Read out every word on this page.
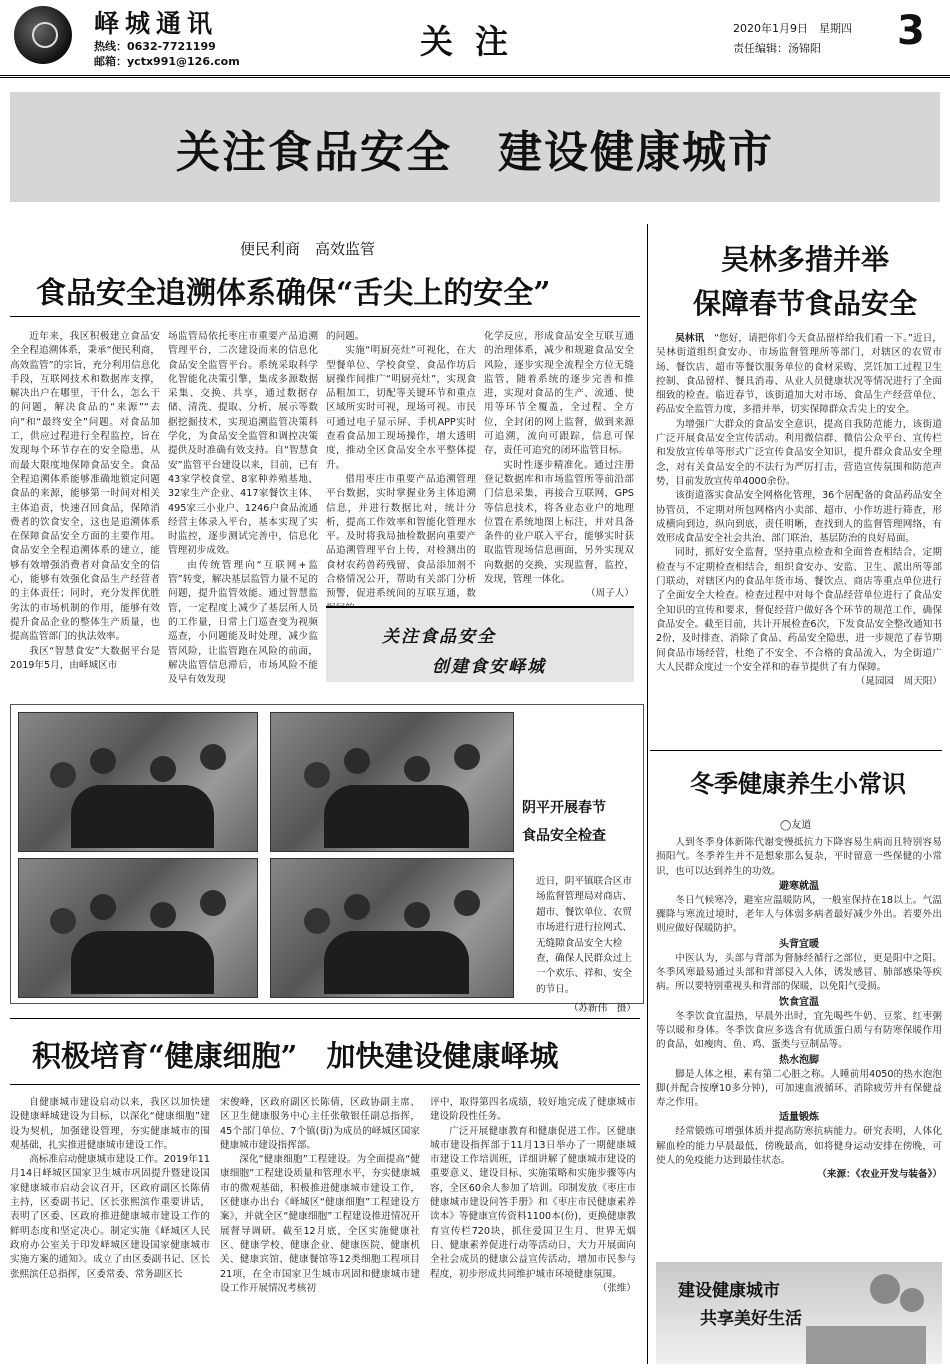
峄城通讯
热线：0632-7721199
邮箱：yctx991@126.com
关注	2020年1月9日　星期四
责任编辑：汤锦阳 3
关注食品安全　建设健康城市
便民利商　高效监管
食品安全追溯体系确保“舌尖上的安全”

近年来，我区积极建立食品安全全程追溯体系，秉承“便民利商，高效监管”的宗旨，充分利用信息化手段，互联网技术和数据库支撑，解决出户在哪里，干什么，怎么干的问题，解决食品的“来源”“去向”和“最终安全”问题。对食品加工，供应过程进行全程监控，旨在发现每个环节存在的安全隐患，从而最大限度地保障食品安全。食品全程追溯体系能够准确地锁定问题食品的来源，能够第一时间对相关主体追责，快速召回食品，保障消费者的饮食安全，这也是追溯体系在保障食品安全方面的主要作用。食品安全全程追溯体系的建立，能够有效增强消费者对食品安全的信心，能够有效强化食品生产经营者的主体责任；同时，充分发挥优胜劣汰的市场机制的作用，能够有效提升食品企业的整体生产质量，也提高监管部门的执法效率。

我区“智慧食安”大数据平台是2019年5月，由峄城区市

场监管局依托枣庄市重要产品追溯管理平台，二次建设而来的信息化食品安全监管平台。系统采取科学化智能化决策引擎，集成多源数据采集、交换、共享，通过数据存储、清洗、提取、分析，展示等数据挖掘技术，实现追溯监管决策科学化，为食品安全监管和调控决策提供及时准确有效支持。自“智慧食安”监管平台建设以来，目前，已有43家学校食堂、8家种养殖基地、32家生产企业、417家餐饮主体、495家三小业户、1246户食品流通经营主体录入平台，基本实现了实时监控，逐步测试完善中，信息化管理初步成效。

由传统管理向“互联网+监管”转变，解决基层监管力量不足的问题，提升监管效能。通过智慧监管，一定程度上减少了基层所人员的工作量，日常上门巡查变为视频巡查，小问题能及时处理，减少监管风险，让监管跑在风险的前面，解决监管信息滞后，市场风险不能及早有效发现

的问题。

实施“明厨亮灶”可视化，在大型餐单位、学校食堂、食品作坊后厨操作间推广“明厨亮灶”，实现食品粗加工，切配等关键环节和重点区域所实时可视，现场可视。市民可通过电子显示屏、手机APP实时查看食品加工现场操作，增大透明度，推动全区食品安全水平整体提升。

借用枣庄市重要产品追溯管理平台数据，实时掌握业务主体追溯信息，并进行数据比对，统计分析，提高工作效率和智能化管理水平。及时将我局抽检数据向重要产品追溯管理平台上传，对检测出的食材农药兽药残留、食品添加剂不合格情况公开，帮助有关部门分析预警，促进系统间的互联互通，数

化学反应，形成食品安全互联互通的治理体系，减少和规避食品安全风险，逐步实现全流程全方位无缝监管，随着系统的逐步完善和推进，实现对食品的生产、流通、使用等环节全覆盖，全过程、全方位，全封闭的网上监督，做到来源可追溯，流向可跟踪，信息可保存，责任可追究的闭环监管目标。

实时性逐步精准化。通过注册登记数据库和市场监管所等前沿部门信息采集，再接合互联网，GPS等信息技术，将各业态业户的地理位置在系统地图上标注，并对具备条件的业户联入平台，能够实时获取监管现场信息画面，另外实现双向数据的交换，实现监督，监控，发现，管理一体化。

（周子人）

关注食品安全
创建食安峄城
阴平开展春节
食品安全检查

近日，阴平镇联合区市场监督管理局对商店、超市、餐饮单位、农贸市场进行进行拉网式、无缝隙食品安全大检查，确保人民群众过上一个欢乐、祥和、安全的节日。

（苏新伟　摄）

积极培育“健康细胞”　加快建设健康峄城

自健康城市建设启动以来，我区以加快建设健康峄城建设为目标，以深化“健康细胞”建设为契机，加强建设管理，夯实健康城市的围观基础，扎实推进健康城市建设工作。

高标准启动健康城市建设工作。2019年11月14日峄城区国家卫生城市巩固提升暨建设国家健康城市启动会议召开，区政府副区长陈倩主持，区委副书记、区长张熙滨作重要讲话，表明了区委、区政府推进健康城市建设工作的鲜明态度和坚定决心。制定实施《峄城区人民政府办公室关于印发峄城区建设国家健康城市实施方案的通知》。成立了由区委副书记、区长张熙滨任总指挥，区委常委、常务副区长

宋俊峰，区政府副区长陈倩，区政协副主席、区卫生健康服务中心主任张敬银任副总指挥，45个部门单位、7个镇(街)为成员的峄城区国家健康城市建设指挥部。

深化“健康细胞”工程建设。为全面提高“健康细胞”工程建设质量和管理水平，夯实健康城市的微观基础，积极推进健康城市建设工作，区健康办出台《峄城区“健康细胞”工程建设方案》，并就全区“健康细胞”工程建设推进情况开展督导调研。截至12月底，全区实施健康社区、健康学校、健康企业、健康医院、健康机关、健康宾馆、健康餐馆等12类细胞工程项目21项，在全市国家卫生城市巩固和健康城市建设工作开展情况考核初

评中，取得第四名成绩，较好地完成了健康城市建设阶段性任务。

广泛开展健康教育和健康促进工作。区健康城市建设指挥部于11月13日举办了一期健康城市建设工作培训班，详细讲解了健康城市建设的重要意义、建设目标、实施策略和实施步骤等内容，全区60余人参加了培训。印制发放《枣庄市健康城市建设问答手册》和《枣庄市民健康素养读本》等健康宣传资料1100本(份)，更换健康教育宣传栏720块，抓住爱国卫生月、世界无烟日、健康素养促进行动等活动日，大力开展面向全社会成员的健康公益宣传活动，增加市民参与程度，初步形成共同维护城市环境健康氛围。

（张维）

吴林多措并举
保障春节食品安全

吴林讯　 “您好，请把你们今天食品留样给我们看一下。”近日，吴林街道组织食安办、市场监督管理所等部门，对辖区的农贸市场、餐饮店、超市等餐饮服务单位的食材采购、烹饪加工过程卫生控制、食品留样、餐具消毒、从业人员健康状况等情况进行了全面细致的检查。临近春节，该街道加大对市场、食品生产经营单位、药品安全监管力度，多措并举，切实保障群众舌尖上的安全。

为增强广大群众的食品安全意识，提高自我防范能力，该街道广泛开展食品安全宣传活动。利用微信群、微信公众平台、宣传栏和发放宣传单等形式广泛宣传食品安全知识，提升群众食品安全理念，对有关食品安全的不法行为严厉打击，营造宣传氛围和防范声势，目前发放宣传单4000余份。

该街道落实食品安全网格化管理，36个居配备的食品药品安全协管员，不定期对所包网格内小卖部、超市、小作坊进行筛查，形成横向到边，纵向到底，责任明晰，查找到人的监督管理网络，有效形成食品安全社会共治、部门联治，基层防治的良好局面。

同时，抓好安全监督，坚持重点检查和全面普查相结合，定期检查与不定期检查相结合，组织食安办、安监、卫生、派出所等部门联动，对辖区内的食品年货市场、餐饮点、商店等重点单位进行了全面安全大检查。检查过程中对每个食品经营单位进行了食品安全知识的宣传和要求，督促经营户做好各个环节的规范工作，确保食品安全。截至目前，共计开展检查6次，下发食品安全整改通知书2份，及时排查、消除了食品、药品安全隐患，进一步规范了春节期间食品市场经营，杜绝了不安全、不合格的食品流入，为全街道广大人民群众度过一个安全祥和的春节提供了有力保障。

（晁园园　周天阳）

冬季健康养生小常识
◯友道

人到冬季身体新陈代谢变慢抵抗力下降容易生病而且特别容易损阳气。冬季养生并不是想象那么复杂，平时留意一些保健的小常识，也可以达到养生的功效。

避寒就温

冬日气候寒冷，避室应温暖防风，一般室保持在18以上。气温骤降与寒流过境时，老年人与体弱多病者最好减少外出。若要外出则应做好保暖防护。

头背宜暖

中医认为，头部与背部为督脉经循行之部位，更是阳中之阳。冬季风寒最易通过头部和背部侵入人体，诱发感冒、肺部感染等疾病。所以要特别重视头和背部的保暖，以免阳气受损。

饮食宜温

冬季饮食宜温热，早晨外出时，宜先喝些牛奶、豆浆、红枣粥等以暖和身体。冬季饮食应多选含有优质蛋白质与有防寒保暖作用的食品，如瘦肉、鱼、鸡、蛋类与豆制品等。

热水泡脚

脚是人体之根，素有第二心脏之称。人睡前用4050的热水泡泡脚(并配合按摩10多分钟)，可加速血液循环、消除疲劳并有保健益寿之作用。

适量锻炼

经常锻炼可增强体质并提高防寒抗病能力。研究表明，人体化解血栓的能力早晨最低，傍晚最高，如将健身运动安排在傍晚，可使人的免疫能力达到最佳状态。

（来源：《农业开发与装备》）

建设健康城市
共享美好生活
